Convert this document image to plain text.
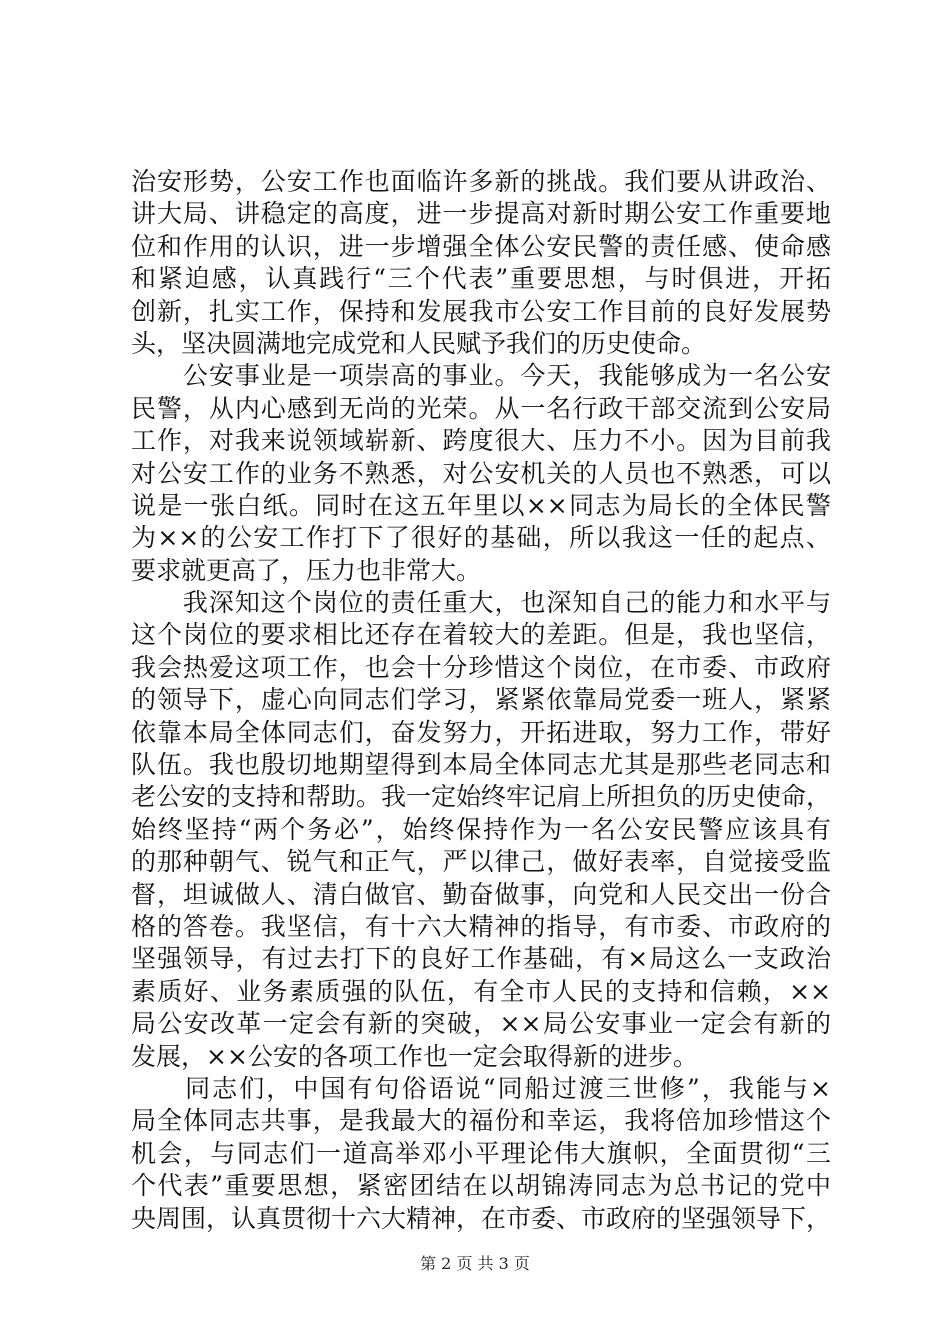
治安形势，公安工作也面临许多新的挑战。我们要从讲政治、
讲大局、讲稳定的高度，进一步提高对新时期公安工作重要地
位和作用的认识，进一步增强全体公安民警的责任感、使命感
和紧迫感，认真践行“三个代表”重要思想，与时俱进，开拓
创新，扎实工作，保持和发展我市公安工作目前的良好发展势
头，坚决圆满地完成党和人民赋予我们的历史使命。
　　公安事业是一项崇高的事业。今天，我能够成为一名公安
民警，从内心感到无尚的光荣。从一名行政干部交流到公安局
工作，对我来说领域崭新、跨度很大、压力不小。因为目前我
对公安工作的业务不熟悉，对公安机关的人员也不熟悉，可以
说是一张白纸。同时在这五年里以××同志为局长的全体民警
为××的公安工作打下了很好的基础，所以我这一任的起点、
要求就更高了，压力也非常大。
　　我深知这个岗位的责任重大，也深知自己的能力和水平与
这个岗位的要求相比还存在着较大的差距。但是，我也坚信，
我会热爱这项工作，也会十分珍惜这个岗位，在市委、市政府
的领导下，虚心向同志们学习，紧紧依靠局党委一班人，紧紧
依靠本局全体同志们，奋发努力，开拓进取，努力工作，带好
队伍。我也殷切地期望得到本局全体同志尤其是那些老同志和
老公安的支持和帮助。我一定始终牢记肩上所担负的历史使命，
始终坚持“两个务必”，始终保持作为一名公安民警应该具有
的那种朝气、锐气和正气，严以律己，做好表率，自觉接受监
督，坦诚做人、清白做官、勤奋做事，向党和人民交出一份合
格的答卷。我坚信，有十六大精神的指导，有市委、市政府的
坚强领导，有过去打下的良好工作基础，有×局这么一支政治
素质好、业务素质强的队伍，有全市人民的支持和信赖，××
局公安改革一定会有新的突破，××局公安事业一定会有新的
发展，××公安的各项工作也一定会取得新的进步。
　　同志们，中国有句俗语说“同船过渡三世修”，我能与×
局全体同志共事，是我最大的福份和幸运，我将倍加珍惜这个
机会，与同志们一道高举邓小平理论伟大旗帜，全面贯彻“三
个代表”重要思想，紧密团结在以胡锦涛同志为总书记的党中
央周围，认真贯彻十六大精神，在市委、市政府的坚强领导下，
第 2 页 共 3 页
